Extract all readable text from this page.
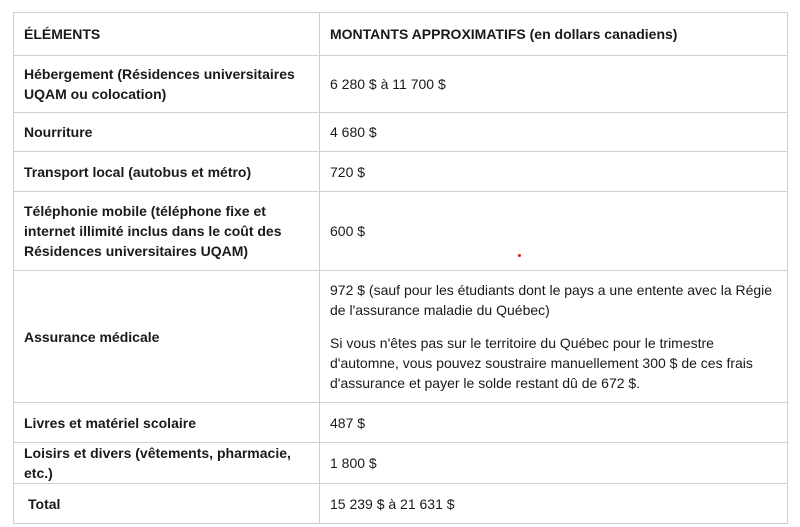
ÉLÉMENTS	MONTANTS APPROXIMATIFS (en dollars canadiens)
Hébergement (Résidences universitaires UQAM ou colocation)	6 280 $ à 11 700 $
Nourriture	4 680 $
Transport local (autobus et métro)	720 $
Téléphonie mobile (téléphone fixe et internet illimité inclus dans le coût des Résidences universitaires UQAM)	600 $
Assurance médicale	972 $ (sauf pour les étudiants dont le pays a une entente avec la Régie de l'assurance maladie du Québec)

Si vous n'êtes pas sur le territoire du Québec pour le trimestre d'automne, vous pouvez soustraire manuellement 300 $ de ces frais d'assurance et payer le solde restant dû de 672 $.

Livres et matériel scolaire	487 $
Loisirs et divers (vêtements, pharmacie, etc.)	1 800 $
Total	15 239 $ à 21 631 $
